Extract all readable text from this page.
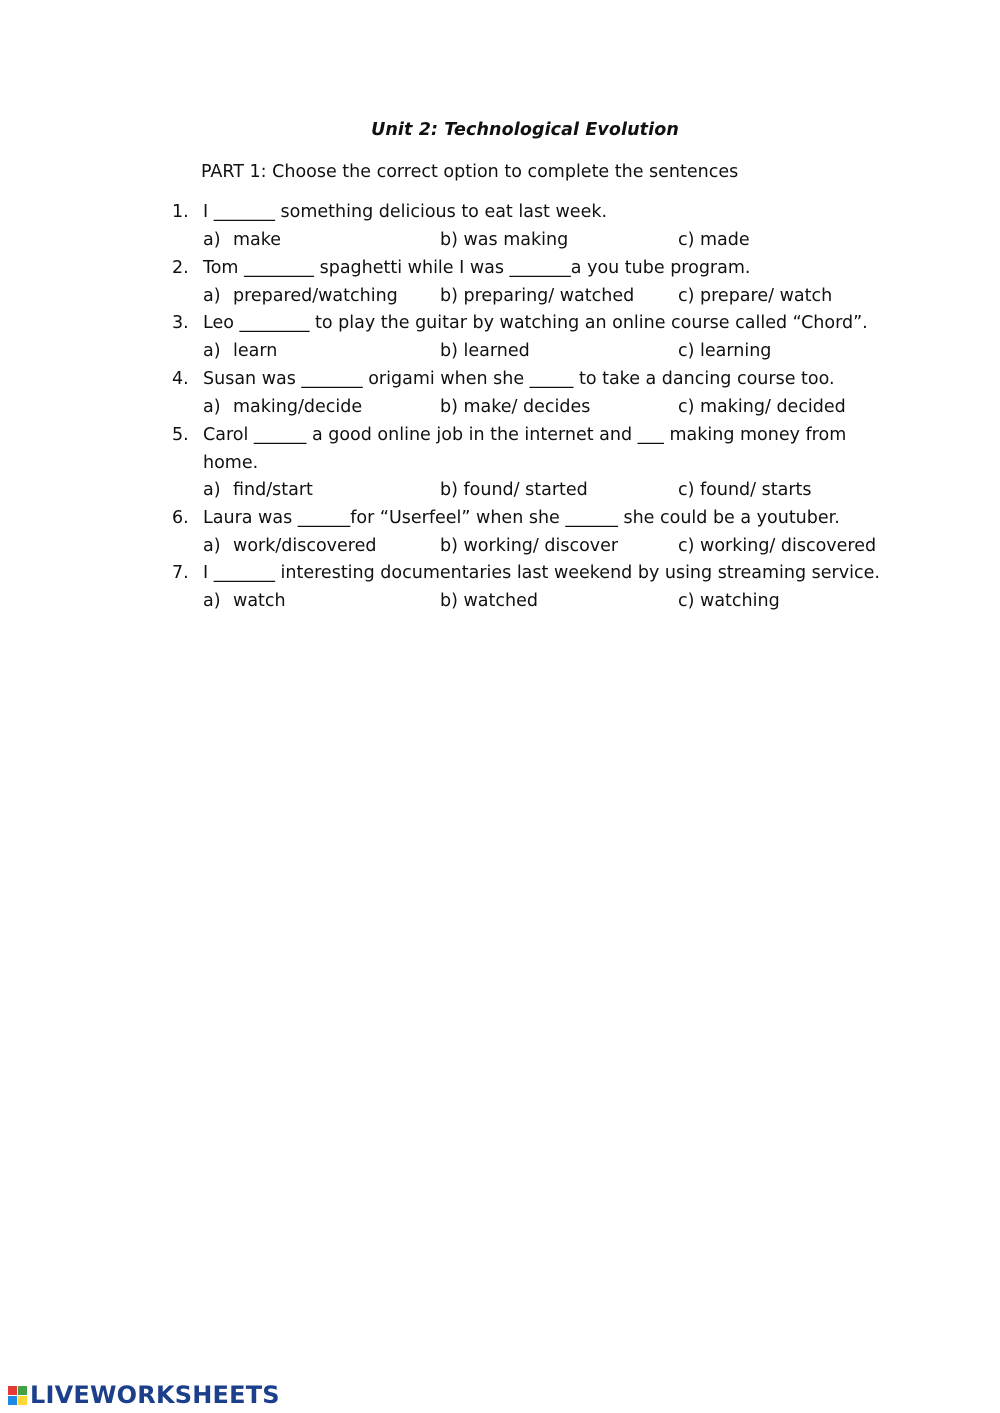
Unit 2: Technological Evolution
PART 1: Choose the correct option to complete the sentences
1. I _______ something delicious to eat last week.
a) make	b) was making	c) made
2. Tom ________ spaghetti while I was _______a you tube program.
a) prepared/watching b) preparing/ watched	c) prepare/ watch
3. Leo ________ to play the guitar by watching an online course called “Chord”.
a) learn	b) learned	c) learning
4. Susan was _______ origami when she _____ to take a dancing course too.
a) making/decide	b) make/ decides	c) making/ decided
5. Carol ______ a good online job in the internet and ___ making money from
home.
a) find/start	b) found/ started	c) found/ starts
6. Laura was ______for “Userfeel” when she ______ she could be a youtuber.
a) work/discovered	b) working/ discover	c) working/ discovered
7. I _______ interesting documentaries last weekend by using streaming service.
a) watch	b) watched	c) watching
LIVEWORKSHEETS
